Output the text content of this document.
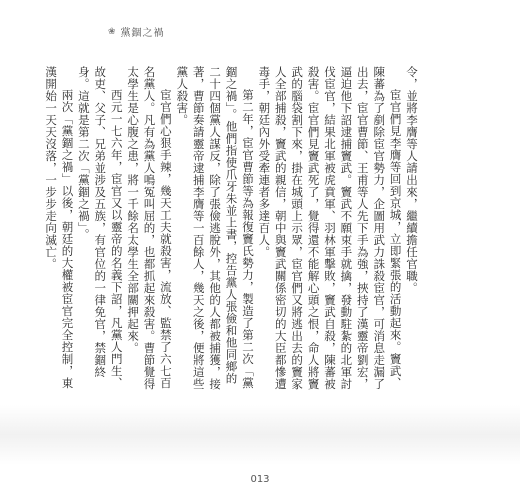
❀ 黨錮之禍

令，並將李膺等人請出來，繼續擔任官職。

宦官們見李膺等回到京城，立即緊張的活動起來。竇武、陳蕃為了剷除宦官勢力，企圖用武力誅殺宦官，可消息走漏了出去，宦官曹節、王甫等人先下手為強，挾持了漢靈帝劉宏，逼迫他下詔逮捕竇武。竇武不願束手就擒，發動駐紮的北軍討伐宦官，結果北軍被虎賁軍、羽林軍擊敗，竇武自殺，陳蕃被殺害。宦官們見竇武死了，覺得還不能解心頭之恨，命人將竇武的腦袋割下來，掛在城頭上示眾，宦官們又將逃出去的竇家人全部捕殺，竇武的親信，朝中與竇武關係密切的大臣都慘遭毒手，朝廷內外受牽連者多達百人。

第二年，宦官曹節等為報復竇氏勢力，製造了第二次「黨錮之禍」。他們指使爪牙朱並上書，控告黨人張儉和他同鄉的二十四個黨人謀反，除了張儉逃脫外，其他的人都被捕獲，接著，曹節奏請靈帝逮捕李膺等一百餘人，幾天之後，便將這些黨人殺害。

宦官們心狠手辣，幾天工夫就殺害，流放、監禁了六七百名黨人。凡有為黨人鳴冤叫屈的，也都抓起來殺害。曹節覺得太學生是心腹之患，將一千餘名太學生全部關押起來。

西元一七六年，宦官又以靈帝的名義下詔，凡黨人門生、故吏、父子、兄弟並涉及五族，有官位的一律免官，禁錮終身。這就是第二次「黨錮之禍」。

兩次「黨錮之禍」以後，朝廷的大權被宦官完全控制，東漢開始一天天沒落，一步步走向滅亡。

013
